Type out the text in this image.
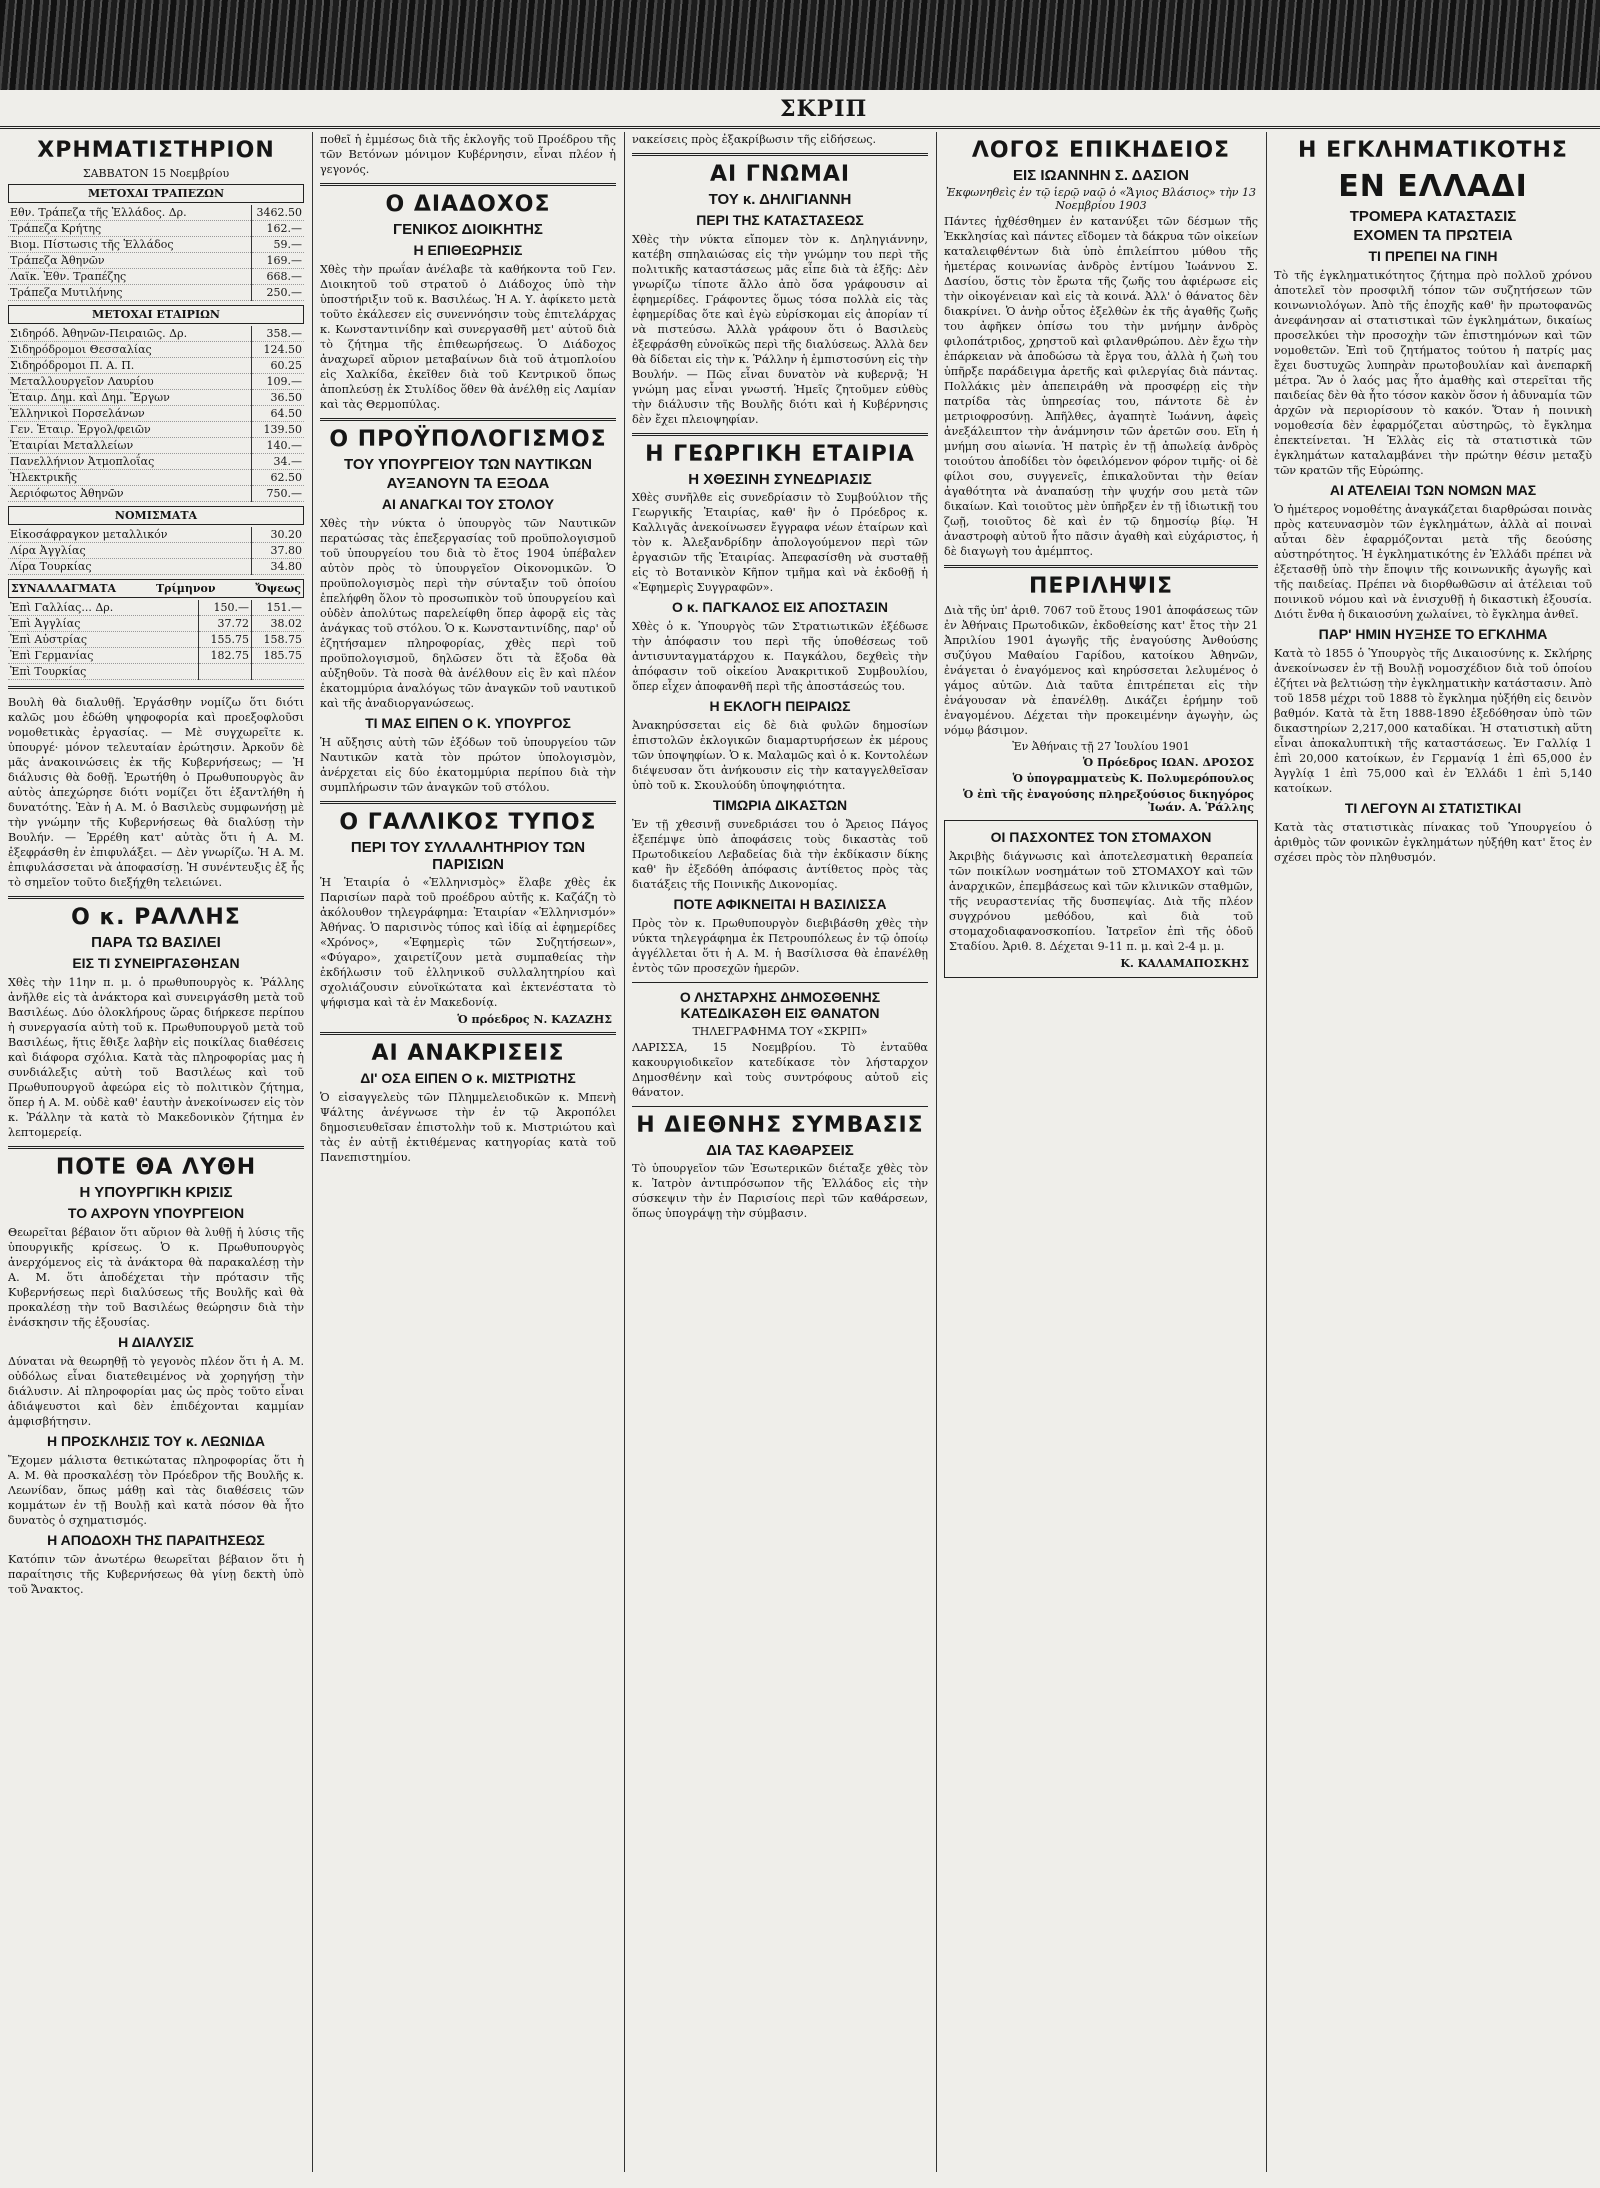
ΣΚΡΙΠ
ΧΡΗΜΑΤΙΣΤΗΡΙΟΝ
ΣΑΒΒΑΤΟΝ 15 Νοεμβρίου
ΜΕΤΟΧΑΙ ΤΡΑΠΕΖΩΝ
Εθν. Τράπεζα τῆς Ἑλλάδος. Δρ.	3462.50
Τράπεζα Κρήτης	162.—
Βιομ. Πίστωσις τῆς Ἑλλάδος	59.—
Τράπεζα Ἀθηνῶν	169.—
Λαϊκ. Ἐθν. Τραπέζης	668.—
Τράπεζα Μυτιλήνης	250.—
ΜΕΤΟΧΑΙ ΕΤΑΙΡΙΩΝ
Σιδηρόδ. Ἀθηνῶν-Πειραιῶς. Δρ.	358.—
Σιδηρόδρομοι Θεσσαλίας	124.50
Σιδηρόδρομοι Π. Α. Π.	60.25
Μεταλλουργεῖον Λαυρίου	109.—
Ἑταιρ. Δημ. καὶ Δημ. Ἔργων	36.50
Ἑλληνικοὶ Πορσελάνων	64.50
Γεν. Ἑταιρ. Ἐργολ/φειῶν	139.50
Ἑταιρίαι Μεταλλείων	140.—
Πανελλήνιον Ἀτμοπλοΐας	34.—
Ἠλεκτρικῆς	62.50
Ἀεριόφωτος Ἀθηνῶν	750.—
ΝΟΜΙΣΜΑΤΑ
Εἰκοσάφραγκον μεταλλικόν	30.20
Λίρα Ἀγγλίας	37.80
Λίρα Τουρκίας	34.80
ΣΥΝΑΛΛΑΓΜΑΤΑ	Τρίμηνον	Ὄψεως
Ἐπὶ Γαλλίας... Δρ.	150.—	151.—
Ἐπὶ Ἀγγλίας	37.72	38.02
Ἐπὶ Αὐστρίας	155.75	158.75
Ἐπὶ Γερμανίας	182.75	185.75
Ἐπὶ Τουρκίας		

Βουλὴ θὰ διαλυθῇ. Ἐργάσθην νομίζω ὅτι διότι καλῶς μου ἐδώθη ψηφοφορία καὶ προεξοφλοῦσι νομοθετικὰς ἐργασίας. — Μὲ συγχωρεῖτε κ. ὑπουργέ· μόνον τελευταίαν ἐρώτησιν. Ἀρκοῦν δὲ μᾶς ἀνακοινώσεις ἐκ τῆς Κυβερνήσεως; — Ἡ διάλυσις θὰ δοθῇ. Ἐρωτήθη ὁ Πρωθυπουργὸς ἂν αὐτὸς ἀπεχώρησε διότι νομίζει ὅτι ἐξαντλήθη ἡ δυνατότης. Ἐὰν ἡ Α. Μ. ὁ Βασιλεὺς συμφωνήσῃ μὲ τὴν γνώμην τῆς Κυβερνήσεως θὰ διαλύσῃ τὴν Βουλήν. — Ἐρρέθη κατ' αὐτὰς ὅτι ἡ Α. Μ. ἐξεφράσθη ἐν ἐπιφυλάξει. — Δὲν γνωρίζω. Ἡ Α. Μ. ἐπιφυλάσσεται νὰ ἀποφασίσῃ. Ἡ συνέντευξις ἐξ ἧς τὸ σημεῖον τοῦτο διεξήχθη τελειώνει.

Ο κ. ΡΑΛΛΗΣ
ΠΑΡΑ ΤΩ ΒΑΣΙΛΕΙ
ΕΙΣ ΤΙ ΣΥΝΕΙΡΓΑΣΘΗΣΑΝ

Χθὲς τὴν 11ην π. μ. ὁ πρωθυπουργὸς κ. Ῥάλλης ἀνῆλθε εἰς τὰ ἀνάκτορα καὶ συνειργάσθη μετὰ τοῦ Βασιλέως. Δύο ὁλοκλήρους ὥρας διήρκεσε περίπου ἡ συνεργασία αὐτὴ τοῦ κ. Πρωθυπουργοῦ μετὰ τοῦ Βασιλέως, ἥτις ἔθιξε λαβὴν εἰς ποικίλας διαθέσεις καὶ διάφορα σχόλια. Κατὰ τὰς πληροφορίας μας ἡ συνδιάλεξις αὐτὴ τοῦ Βασιλέως καὶ τοῦ Πρωθυπουργοῦ ἀφεώρα εἰς τὸ πολιτικὸν ζήτημα, ὅπερ ἡ Α. Μ. οὐδὲ καθ' ἑαυτὴν ἀνεκοίνωσεν εἰς τὸν κ. Ῥάλλην τὰ κατὰ τὸ Μακεδονικὸν ζήτημα ἐν λεπτομερείᾳ.

ΠΟΤΕ ΘΑ ΛΥΘΗ
Η ΥΠΟΥΡΓΙΚΗ ΚΡΙΣΙΣ
ΤΟ ΑΧΡΟΥΝ ΥΠΟΥΡΓΕΙΟΝ

Θεωρεῖται βέβαιον ὅτι αὔριον θὰ λυθῇ ἡ λύσις τῆς ὑπουργικῆς κρίσεως. Ὁ κ. Πρωθυπουργὸς ἀνερχόμενος εἰς τὰ ἀνάκτορα θὰ παρακαλέσῃ τὴν Α. Μ. ὅτι ἀποδέχεται τὴν πρότασιν τῆς Κυβερνήσεως περὶ διαλύσεως τῆς Βουλῆς καὶ θὰ προκαλέσῃ τὴν τοῦ Βασιλέως θεώρησιν διὰ τὴν ἐνάσκησιν τῆς ἐξουσίας.

Η ΔΙΑΛΥΣΙΣ

Δύναται νὰ θεωρηθῇ τὸ γεγονὸς πλέον ὅτι ἡ Α. Μ. οὐδόλως εἶναι διατεθειμένος νὰ χορηγήσῃ τὴν διάλυσιν. Αἱ πληροφορίαι μας ὡς πρὸς τοῦτο εἶναι ἀδιάψευστοι καὶ δὲν ἐπιδέχονται καμμίαν ἀμφισβήτησιν.

Η ΠΡΟΣΚΛΗΣΙΣ ΤΟΥ κ. ΛΕΩΝΙΔΑ

Ἔχομεν μάλιστα θετικώτατας πληροφορίας ὅτι ἡ Α. Μ. θὰ προσκαλέσῃ τὸν Πρόεδρον τῆς Βουλῆς κ. Λεωνίδαν, ὅπως μάθῃ καὶ τὰς διαθέσεις τῶν κομμάτων ἐν τῇ Βουλῇ καὶ κατὰ πόσον θὰ ἦτο δυνατὸς ὁ σχηματισμός.

Η ΑΠΟΔΟΧΗ ΤΗΣ ΠΑΡΑΙΤΗΣΕΩΣ

Κατόπιν τῶν ἀνωτέρω θεωρεῖται βέβαιον ὅτι ἡ παραίτησις τῆς Κυβερνήσεως θὰ γίνῃ δεκτὴ ὑπὸ τοῦ Ἄνακτος.

ποθεῖ ἡ ἐμμέσως διὰ τῆς ἐκλογῆς τοῦ Προέδρου τῆς τῶν Βετόνων μόνιμον Κυβέρνησιν, εἶναι πλέον ἡ γεγονός.

Ο ΔΙΑΔΟΧΟΣ
ΓΕΝΙΚΟΣ ΔΙΟΙΚΗΤΗΣ
Η ΕΠΙΘΕΩΡΗΣΙΣ

Χθὲς τὴν πρωΐαν ἀνέλαβε τὰ καθήκοντα τοῦ Γεν. Διοικητοῦ τοῦ στρατοῦ ὁ Διάδοχος ὑπὸ τὴν ὑποστήριξιν τοῦ κ. Βασιλέως. Ἡ Α. Υ. ἀφίκετο μετὰ τοῦτο ἐκάλεσεν εἰς συνεννόησιν τοὺς ἐπιτελάρχας κ. Κωνσταντινίδην καὶ συνεργασθῆ μετ' αὐτοῦ διὰ τὸ ζήτημα τῆς ἐπιθεωρήσεως. Ὁ Διάδοχος ἀναχωρεῖ αὔριον μεταβαίνων διὰ τοῦ ἀτμοπλοίου εἰς Χαλκίδα, ἐκεῖθεν διὰ τοῦ Κεντρικοῦ ὅπως ἀποπλεύσῃ ἐκ Στυλίδος ὅθεν θὰ ἀνέλθῃ εἰς Λαμίαν καὶ τὰς Θερμοπύλας.

Ο ΠΡΟΫΠΟΛΟΓΙΣΜΟΣ
ΤΟΥ ΥΠΟΥΡΓΕΙΟΥ ΤΩΝ ΝΑΥΤΙΚΩΝ
ΑΥΞΑΝΟΥΝ ΤΑ ΕΞΟΔΑ
ΑΙ ΑΝΑΓΚΑΙ ΤΟΥ ΣΤΟΛΟΥ

Χθὲς τὴν νύκτα ὁ ὑπουργὸς τῶν Ναυτικῶν περατώσας τὰς ἐπεξεργασίας τοῦ προϋπολογισμοῦ τοῦ ὑπουργείου του διὰ τὸ ἔτος 1904 ὑπέβαλεν αὐτὸν πρὸς τὸ ὑπουργεῖον Οἰκονομικῶν. Ὁ προϋπολογισμὸς περὶ τὴν σύνταξιν τοῦ ὁποίου ἐπελήφθη ὅλον τὸ προσωπικὸν τοῦ ὑπουργείου καὶ οὐδὲν ἀπολύτως παρελείφθη ὅπερ ἀφορᾷ εἰς τὰς ἀνάγκας τοῦ στόλου. Ὁ κ. Κωνσταντινίδης, παρ' οὗ ἐζητήσαμεν πληροφορίας, χθὲς περὶ τοῦ προϋπολογισμοῦ, δηλῶσεν ὅτι τὰ ἔξοδα θὰ αὐξηθοῦν. Τὰ ποσὰ θὰ ἀνέλθουν εἰς ἓν καὶ πλέον ἑκατομμύρια ἀναλόγως τῶν ἀναγκῶν τοῦ ναυτικοῦ καὶ τῆς ἀναδιοργανώσεως.

ΤΙ ΜΑΣ ΕΙΠΕΝ Ο Κ. ΥΠΟΥΡΓΟΣ

Ἡ αὔξησις αὐτὴ τῶν ἐξόδων τοῦ ὑπουργείου τῶν Ναυτικῶν κατὰ τὸν πρώτον ὑπολογισμὸν, ἀνέρχεται εἰς δύο ἑκατομμύρια περίπου διὰ τὴν συμπλήρωσιν τῶν ἀναγκῶν τοῦ στόλου.

Ο ΓΑΛΛΙΚΟΣ ΤΥΠΟΣ
ΠΕΡΙ ΤΟΥ ΣΥΛΛΑΛΗΤΗΡΙΟΥ ΤΩΝ ΠΑΡΙΣΙΩΝ

Ἡ Ἑταιρία ὁ «Ἑλληνισμὸς» ἔλαβε χθὲς ἐκ Παρισίων παρὰ τοῦ προέδρου αὐτῆς κ. Καζάζη τὸ ἀκόλουθον τηλεγράφημα: Ἑταιρίαν «Ἑλληνισμόν» Ἀθήνας. Ὁ παρισινὸς τύπος καὶ ἰδίᾳ αἱ ἐφημερίδες «Χρόνος», «Ἐφημερὶς τῶν Συζητήσεων», «Φύγαρο», χαιρετίζουν μετὰ συμπαθείας τὴν ἐκδήλωσιν τοῦ ἑλληνικοῦ συλλαλητηρίου καὶ σχολιάζουσιν εὐνοϊκώτατα καὶ ἐκτενέστατα τὸ ψήφισμα καὶ τὰ ἐν Μακεδονίᾳ.

Ὁ πρόεδρος Ν. ΚΑΖΑΖΗΣ
ΑΙ ΑΝΑΚΡΙΣΕΙΣ
ΔΙ' ΟΣΑ ΕΙΠΕΝ Ο κ. ΜΙΣΤΡΙΩΤΗΣ

Ὁ εἰσαγγελεὺς τῶν Πλημμελειοδικῶν κ. Μπενὴ Ψάλτης ἀνέγνωσε τὴν ἐν τῷ Ἀκροπόλει δημοσιευθεῖσαν ἐπιστολὴν τοῦ κ. Μιστριώτου καὶ τὰς ἐν αὐτῇ ἐκτιθέμενας κατηγορίας κατὰ τοῦ Πανεπιστημίου.

νακείσεις πρὸς ἐξακρίβωσιν τῆς εἰδήσεως.

ΑΙ ΓΝΩΜΑΙ
ΤΟΥ κ. ΔΗΛΙΓΙΑΝΝΗ
ΠΕΡΙ ΤΗΣ ΚΑΤΑΣΤΑΣΕΩΣ

Χθὲς τὴν νύκτα εἴπομεν τὸν κ. Δηληγιάννην, κατέβη σπηλαιώσας εἰς τὴν γνώμην του περὶ τῆς πολιτικῆς καταστάσεως μᾶς εἶπε διὰ τὰ ἑξῆς: Δὲν γνωρίζω τίποτε ἄλλο ἀπὸ ὅσα γράφουσιν αἱ ἐφημερίδες. Γράφοντες ὅμως τόσα πολλὰ εἰς τὰς ἐφημερίδας ὅτε καὶ ἐγὼ εὑρίσκομαι εἰς ἀπορίαν τί νὰ πιστεύσω. Ἀλλὰ γράφουν ὅτι ὁ Βασιλεὺς ἐξεφράσθη εὐνοϊκῶς περὶ τῆς διαλύσεως. Ἀλλὰ δεν θὰ δίδεται εἰς τὴν κ. Ῥάλλην ἡ ἐμπιστοσύνη εἰς τὴν Βουλήν. — Πῶς εἶναι δυνατὸν νὰ κυβερνᾷ; Ἡ γνώμη μας εἶναι γνωστή. Ἡμεῖς ζητοῦμεν εὐθὺς τὴν διάλυσιν τῆς Βουλῆς διότι καὶ ἡ Κυβέρνησις δὲν ἔχει πλειοψηφίαν.

Η ΓΕΩΡΓΙΚΗ ΕΤΑΙΡΙΑ
Η ΧΘΕΣΙΝΗ ΣΥΝΕΔΡΙΑΣΙΣ

Χθὲς συνῆλθε εἰς συνεδρίασιν τὸ Συμβούλιον τῆς Γεωργικῆς Ἑταιρίας, καθ' ἣν ὁ Πρόεδρος κ. Καλλιγᾶς ἀνεκοίνωσεν ἔγγραφα νέων ἑταίρων καὶ τὸν κ. Ἀλεξανδρίδην ἀπολογούμενον περὶ τῶν ἐργασιῶν τῆς Ἑταιρίας. Ἀπεφασίσθη νὰ συσταθῇ εἰς τὸ Βοτανικὸν Κῆπον τμῆμα καὶ νὰ ἐκδοθῇ ἡ «Ἐφημερὶς Συγγραφῶν».

Ο κ. ΠΑΓΚΑΛΟΣ ΕΙΣ ΑΠΟΣΤΑΣΙΝ

Χθὲς ὁ κ. Ὑπουργὸς τῶν Στρατιωτικῶν ἐξέδωσε τὴν ἀπόφασιν του περὶ τῆς ὑποθέσεως τοῦ ἀντισυνταγματάρχου κ. Παγκάλου, δεχθεὶς τὴν ἀπόφασιν τοῦ οἰκείου Ἀνακριτικοῦ Συμβουλίου, ὅπερ εἶχεν ἀποφανθῆ περὶ τῆς ἀποστάσεώς του.

Η ΕΚΛΟΓΗ ΠΕΙΡΑΙΩΣ

Ἀνακηρύσσεται εἰς δὲ διὰ φυλῶν δημοσίων ἐπιστολῶν ἐκλογικῶν διαμαρτυρήσεων ἐκ μέρους τῶν ὑποψηφίων. Ὁ κ. Μαλαμῶς καὶ ὁ κ. Κοντολέων διέψευσαν ὅτι ἀνήκουσιν εἰς τὴν καταγγελθεῖσαν ὑπὸ τοῦ κ. Σκουλούδη ὑποψηφιότητα.

ΤΙΜΩΡΙΑ ΔΙΚΑΣΤΩΝ

Ἐν τῇ χθεσινῇ συνεδριάσει του ὁ Ἄρειος Πάγος ἐξεπέμψε ὑπὸ ἀποφάσεις τοὺς δικαστὰς τοῦ Πρωτοδικείου Λεβαδείας διὰ τὴν ἐκδίκασιν δίκης καθ' ἣν ἐξεδόθη ἀπόφασις ἀντίθετος πρὸς τὰς διατάξεις τῆς Ποινικῆς Δικονομίας.

ΠΟΤΕ ΑΦΙΚΝΕΙΤΑΙ Η ΒΑΣΙΛΙΣΣΑ

Πρὸς τὸν κ. Πρωθυπουργὸν διεβιβάσθη χθὲς τὴν νύκτα τηλεγράφημα ἐκ Πετρουπόλεως ἐν τῷ ὁποίῳ ἀγγέλλεται ὅτι ἡ Α. Μ. ἡ Βασίλισσα θὰ ἐπανέλθῃ ἐντὸς τῶν προσεχῶν ἡμερῶν.

Ο ΛΗΣΤΑΡΧΗΣ ΔΗΜΟΣΘΕΝΗΣ ΚΑΤΕΔΙΚΑΣΘΗ ΕΙΣ ΘΑΝΑΤΟΝ
ΤΗΛΕΓΡΑΦΗΜΑ ΤΟΥ «ΣΚΡΙΠ»

ΛΑΡΙΣΣΑ, 15 Νοεμβρίου. Τὸ ἐνταῦθα κακουργιοδικεῖον κατεδίκασε τὸν λήσταρχον Δημοσθένην καὶ τοὺς συντρόφους αὐτοῦ εἰς θάνατον.

Η ΔΙΕΘΝΗΣ ΣΥΜΒΑΣΙΣ
ΔΙΑ ΤΑΣ ΚΑΘΑΡΣΕΙΣ

Τὸ ὑπουργεῖον τῶν Ἐσωτερικῶν διέταξε χθὲς τὸν κ. Ἰατρὸν ἀντιπρόσωπον τῆς Ἑλλάδος εἰς τὴν σύσκεψιν τὴν ἐν Παρισίοις περὶ τῶν καθάρσεων, ὅπως ὑπογράψῃ τὴν σύμβασιν.

ΛΟΓΟΣ ΕΠΙΚΗΔΕΙΟΣ
ΕΙΣ ΙΩΑΝΝΗΝ Σ. ΔΑΣΙΟΝ
Ἐκφωνηθεὶς ἐν τῷ ἱερῷ ναῷ ὁ «Ἅγιος Βλάσιος» τὴν 13 Νοεμβρίου 1903

Πάντες ἠχθέσθημεν ἐν κατανύξει τῶν δέσμων τῆς Ἐκκλησίας καὶ πάντες εἴδομεν τὰ δάκρυα τῶν οἰκείων καταλειφθέντων διὰ ὑπὸ ἐπιλείπτου μύθου τῆς ἡμετέρας κοινωνίας ἀνδρὸς ἐντίμου Ἰωάννου Σ. Δασίου, ὅστις τὸν ἔρωτα τῆς ζωῆς του ἀφιέρωσε εἰς τὴν οἰκογένειαν καὶ εἰς τὰ κοινά. Ἀλλ' ὁ θάνατος δὲν διακρίνει. Ὁ ἀνὴρ οὗτος ἐξελθὼν ἐκ τῆς ἀγαθῆς ζωῆς του ἀφῆκεν ὀπίσω του τὴν μνήμην ἀνδρὸς φιλοπάτριδος, χρηστοῦ καὶ φιλανθρώπου. Δὲν ἔχω τὴν ἐπάρκειαν νὰ ἀποδώσω τὰ ἔργα του, ἀλλὰ ἡ ζωὴ του ὑπῆρξε παράδειγμα ἀρετῆς καὶ φιλεργίας διὰ πάντας. Πολλάκις μὲν ἀπεπειράθη νὰ προσφέρῃ εἰς τὴν πατρίδα τὰς ὑπηρεσίας του, πάντοτε δὲ ἐν μετριοφροσύνῃ. Ἀπῆλθες, ἀγαπητὲ Ἰωάννη, ἀφεὶς ἀνεξάλειπτον τὴν ἀνάμνησιν τῶν ἀρετῶν σου. Εἴη ἡ μνήμη σου αἰωνία. Ἡ πατρὶς ἐν τῇ ἀπωλείᾳ ἀνδρὸς τοιούτου ἀποδίδει τὸν ὀφειλόμενον φόρον τιμῆς· οἱ δὲ φίλοι σου, συγγενεῖς, ἐπικαλοῦνται τὴν θείαν ἀγαθότητα νὰ ἀναπαύσῃ τὴν ψυχήν σου μετὰ τῶν δικαίων. Καὶ τοιοῦτος μὲν ὑπῆρξεν ἐν τῇ ἰδιωτικῇ του ζωῇ, τοιοῦτος δὲ καὶ ἐν τῷ δημοσίῳ βίῳ. Ἡ ἀναστροφὴ αὐτοῦ ἦτο πᾶσιν ἀγαθὴ καὶ εὐχάριστος, ἡ δὲ διαγωγὴ του ἀμέμπτος.

ΠΕΡΙΛΗΨΙΣ

Διὰ τῆς ὑπ' ἀριθ. 7067 τοῦ ἔτους 1901 ἀποφάσεως τῶν ἐν Ἀθήναις Πρωτοδικῶν, ἐκδοθείσης κατ' ἔτος τὴν 21 Ἀπριλίου 1901 ἀγωγῆς τῆς ἐναγούσης Ἀνθούσης συζύγου Μαθαίου Γαρίδου, κατοίκου Ἀθηνῶν, ἐνάγεται ὁ ἐναγόμενος καὶ κηρύσσεται λελυμένος ὁ γάμος αὐτῶν. Διὰ ταῦτα ἐπιτρέπεται εἰς τὴν ἐνάγουσαν νὰ ἐπανέλθῃ. Δικάζει ἐρήμην τοῦ ἐναγομένου. Δέχεται τὴν προκειμένην ἀγωγὴν, ὡς νόμῳ βάσιμον.

Ἐν Ἀθήναις τῇ 27 Ἰουλίου 1901
Ὁ Πρόεδρος ΙΩΑΝ. ΔΡΟΣΟΣ
Ὁ ὑπογραμματεὺς Κ. Πολυμερόπουλος
Ὁ ἐπὶ τῆς ἐναγούσης πληρεξούσιος δικηγόρος Ἰωάν. Α. Ῥάλλης
ΟΙ ΠΑΣΧΟΝΤΕΣ ΤΟΝ ΣΤΟΜΑΧΟΝ

Ἀκριβὴς διάγνωσις καὶ ἀποτελεσματικὴ θεραπεία τῶν ποικίλων νοσημάτων τοῦ ΣΤΟΜΑΧΟΥ καὶ τῶν ἀναρχικῶν, ἐπεμβάσεως καὶ τῶν κλινικῶν σταθμῶν, τῆς νευραστενίας τῆς δυσπεψίας. Διὰ τῆς πλέον συγχρόνου μεθόδου, καὶ διὰ τοῦ στομαχοδιαφανοσκοπίου. Ἰατρεῖον ἐπὶ τῆς ὁδοῦ Σταδίου. Ἀριθ. 8. Δέχεται 9-11 π. μ. καὶ 2-4 μ. μ.

Κ. ΚΑΛΑΜΑΠΟΣΚΗΣ
Η ΕΓΚΛΗΜΑΤΙΚΟΤΗΣ
ΕΝ ΕΛΛΑΔΙ
ΤΡΟΜΕΡΑ ΚΑΤΑΣΤΑΣΙΣ
ΕΧΟΜΕΝ ΤΑ ΠΡΩΤΕΙΑ
ΤΙ ΠΡΕΠΕΙ ΝΑ ΓΙΝΗ

Τὸ τῆς ἐγκληματικότητος ζήτημα πρὸ πολλοῦ χρόνου ἀποτελεῖ τὸν προσφιλῆ τόπον τῶν συζητήσεων τῶν κοινωνιολόγων. Ἀπὸ τῆς ἐποχῆς καθ' ἣν πρωτοφανῶς ἀνεφάνησαν αἱ στατιστικαὶ τῶν ἐγκλημάτων, δικαίως προσελκύει τὴν προσοχὴν τῶν ἐπιστημόνων καὶ τῶν νομοθετῶν. Ἐπὶ τοῦ ζητήματος τούτου ἡ πατρίς μας ἔχει δυστυχῶς λυπηρὰν πρωτοβουλίαν καὶ ἀνεπαρκῆ μέτρα. Ἂν ὁ λαός μας ἦτο ἀμαθὴς καὶ στερεῖται τῆς παιδείας δὲν θὰ ἦτο τόσον κακὸν ὅσον ἡ ἀδυναμία τῶν ἀρχῶν νὰ περιορίσουν τὸ κακόν. Ὅταν ἡ ποινικὴ νομοθεσία δὲν ἐφαρμόζεται αὐστηρῶς, τὸ ἔγκλημα ἐπεκτείνεται. Ἡ Ἑλλὰς εἰς τὰ στατιστικὰ τῶν ἐγκλημάτων καταλαμβάνει τὴν πρώτην θέσιν μεταξὺ τῶν κρατῶν τῆς Εὐρώπης.

ΑΙ ΑΤΕΛΕΙΑΙ ΤΩΝ ΝΟΜΩΝ ΜΑΣ

Ὁ ἡμέτερος νομοθέτης ἀναγκάζεται διαρθρώσαι ποινὰς πρὸς κατευνασμὸν τῶν ἐγκλημάτων, ἀλλὰ αἱ ποιναὶ αὗται δὲν ἐφαρμόζονται μετὰ τῆς δεούσης αὐστηρότητος. Ἡ ἐγκληματικότης ἐν Ἑλλάδι πρέπει νὰ ἐξετασθῇ ὑπὸ τὴν ἔποψιν τῆς κοινωνικῆς ἀγωγῆς καὶ τῆς παιδείας. Πρέπει νὰ διορθωθῶσιν αἱ ἀτέλειαι τοῦ ποινικοῦ νόμου καὶ νὰ ἐνισχυθῇ ἡ δικαστικὴ ἐξουσία. Διότι ἔνθα ἡ δικαιοσύνη χωλαίνει, τὸ ἔγκλημα ἀνθεῖ.

ΠΑΡ' ΗΜΙΝ ΗΥΞΗΣΕ ΤΟ ΕΓΚΛΗΜΑ

Κατὰ τὸ 1855 ὁ Ὑπουργὸς τῆς Δικαιοσύνης κ. Σκλήρης ἀνεκοίνωσεν ἐν τῇ Βουλῇ νομοσχέδιον διὰ τοῦ ὁποίου ἐζήτει νὰ βελτιώσῃ τὴν ἐγκληματικὴν κατάστασιν. Ἀπὸ τοῦ 1858 μέχρι τοῦ 1888 τὸ ἔγκλημα ηὐξήθη εἰς δεινὸν βαθμόν. Κατὰ τὰ ἔτη 1888-1890 ἐξεδόθησαν ὑπὸ τῶν δικαστηρίων 2,217,000 καταδίκαι. Ἡ στατιστικὴ αὕτη εἶναι ἀποκαλυπτικὴ τῆς καταστάσεως. Ἐν Γαλλίᾳ 1 ἐπὶ 20,000 κατοίκων, ἐν Γερμανίᾳ 1 ἐπὶ 65,000 ἐν Ἀγγλίᾳ 1 ἐπὶ 75,000 καὶ ἐν Ἑλλάδι 1 ἐπὶ 5,140 κατοίκων.

ΤΙ ΛΕΓΟΥΝ ΑΙ ΣΤΑΤΙΣΤΙΚΑΙ

Κατὰ τὰς στατιστικὰς πίνακας τοῦ Ὑπουργείου ὁ ἀριθμὸς τῶν φονικῶν ἐγκλημάτων ηὐξήθη κατ' ἔτος ἐν σχέσει πρὸς τὸν πληθυσμόν.
